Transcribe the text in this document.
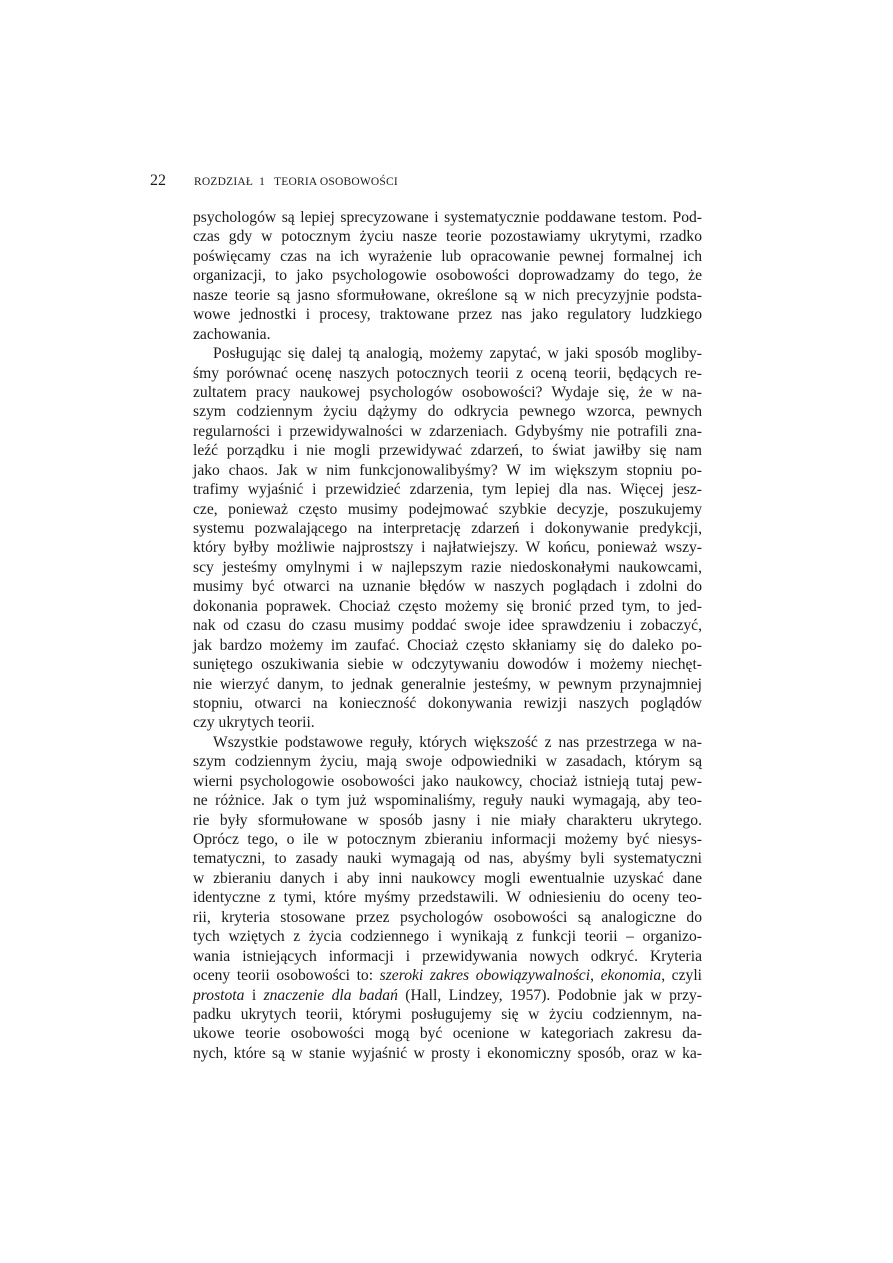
22	ROZDZIAŁ 1 TEORIA OSOBOWOŚCI
psychologów są lepiej sprecyzowane i systematycznie poddawane testom. Pod-
czas gdy w potocznym życiu nasze teorie pozostawiamy ukrytymi, rzadko
poświęcamy czas na ich wyrażenie lub opracowanie pewnej formalnej ich
organizacji, to jako psychologowie osobowości doprowadzamy do tego, że
nasze teorie są jasno sformułowane, określone są w nich precyzyjnie podsta-
wowe jednostki i procesy, traktowane przez nas jako regulatory ludzkiego
zachowania.
Posługując się dalej tą analogią, możemy zapytać, w jaki sposób mogliby-
śmy porównać ocenę naszych potocznych teorii z oceną teorii, będących re-
zultatem pracy naukowej psychologów osobowości? Wydaje się, że w na-
szym codziennym życiu dążymy do odkrycia pewnego wzorca, pewnych
regularności i przewidywalności w zdarzeniach. Gdybyśmy nie potrafili zna-
leźć porządku i nie mogli przewidywać zdarzeń, to świat jawiłby się nam
jako chaos. Jak w nim funkcjonowalibyśmy? W im większym stopniu po-
trafimy wyjaśnić i przewidzieć zdarzenia, tym lepiej dla nas. Więcej jesz-
cze, ponieważ często musimy podejmować szybkie decyzje, poszukujemy
systemu pozwalającego na interpretację zdarzeń i dokonywanie predykcji,
który byłby możliwie najprostszy i najłatwiejszy. W końcu, ponieważ wszy-
scy jesteśmy omylnymi i w najlepszym razie niedoskonałymi naukowcami,
musimy być otwarci na uznanie błędów w naszych poglądach i zdolni do
dokonania poprawek. Chociaż często możemy się bronić przed tym, to jed-
nak od czasu do czasu musimy poddać swoje idee sprawdzeniu i zobaczyć,
jak bardzo możemy im zaufać. Chociaż często skłaniamy się do daleko po-
suniętego oszukiwania siebie w odczytywaniu dowodów i możemy niechęt-
nie wierzyć danym, to jednak generalnie jesteśmy, w pewnym przynajmniej
stopniu, otwarci na konieczność dokonywania rewizji naszych poglądów
czy ukrytych teorii.
Wszystkie podstawowe reguły, których większość z nas przestrzega w na-
szym codziennym życiu, mają swoje odpowiedniki w zasadach, którym są
wierni psychologowie osobowości jako naukowcy, chociaż istnieją tutaj pew-
ne różnice. Jak o tym już wspominaliśmy, reguły nauki wymagają, aby teo-
rie były sformułowane w sposób jasny i nie miały charakteru ukrytego.
Oprócz tego, o ile w potocznym zbieraniu informacji możemy być niesys-
tematyczni, to zasady nauki wymagają od nas, abyśmy byli systematyczni
w zbieraniu danych i aby inni naukowcy mogli ewentualnie uzyskać dane
identyczne z tymi, które myśmy przedstawili. W odniesieniu do oceny teo-
rii, kryteria stosowane przez psychologów osobowości są analogiczne do
tych wziętych z życia codziennego i wynikają z funkcji teorii – organizo-
wania istniejących informacji i przewidywania nowych odkryć. Kryteria
oceny teorii osobowości to: szeroki zakres obowiązywalności, ekonomia, czyli
prostota i znaczenie dla badań (Hall, Lindzey, 1957). Podobnie jak w przy-
padku ukrytych teorii, którymi posługujemy się w życiu codziennym, na-
ukowe teorie osobowości mogą być ocenione w kategoriach zakresu da-
nych, które są w stanie wyjaśnić w prosty i ekonomiczny sposób, oraz w ka-
